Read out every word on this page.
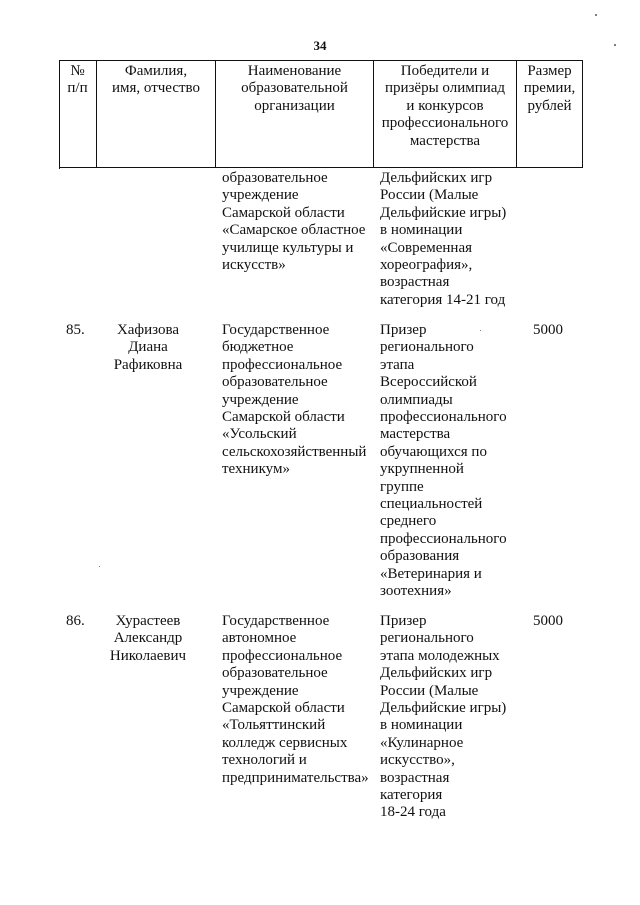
34
№
п/п
Фамилия,
имя, отчество
Наименование
образовательной
организации
Победители и
призёры олимпиад
и конкурсов
профессионального
мастерства
Размер
премии,
рублей
образовательное
учреждение
Самарской области
«Самарское областное
училище культуры и
искусств»
Дельфийских игр
России (Малые
Дельфийские игры)
в номинации
«Современная
хореография»,
возрастная
категория 14-21 год
85.	Хафизова
Диана
Рафиковна
Государственное
бюджетное
профессиональное
образовательное
учреждение
Самарской области
«Усольский
сельскохозяйственный
техникум»
Призер
регионального
этапа
Всероссийской
олимпиады
профессионального
мастерства
обучающихся по
укрупненной
группе
специальностей
среднего
профессионального
образования
«Ветеринария и
зоотехния»
5000
86.	Хурастеев
Александр
Николаевич
Государственное
автономное
профессиональное
образовательное
учреждение
Самарской области
«Тольяттинский
колледж сервисных
технологий и
предпринимательства»
Призер
регионального
этапа молодежных
Дельфийских игр
России (Малые
Дельфийские игры)
в номинации
«Кулинарное
искусство»,
возрастная
категория
18-24 года
5000
